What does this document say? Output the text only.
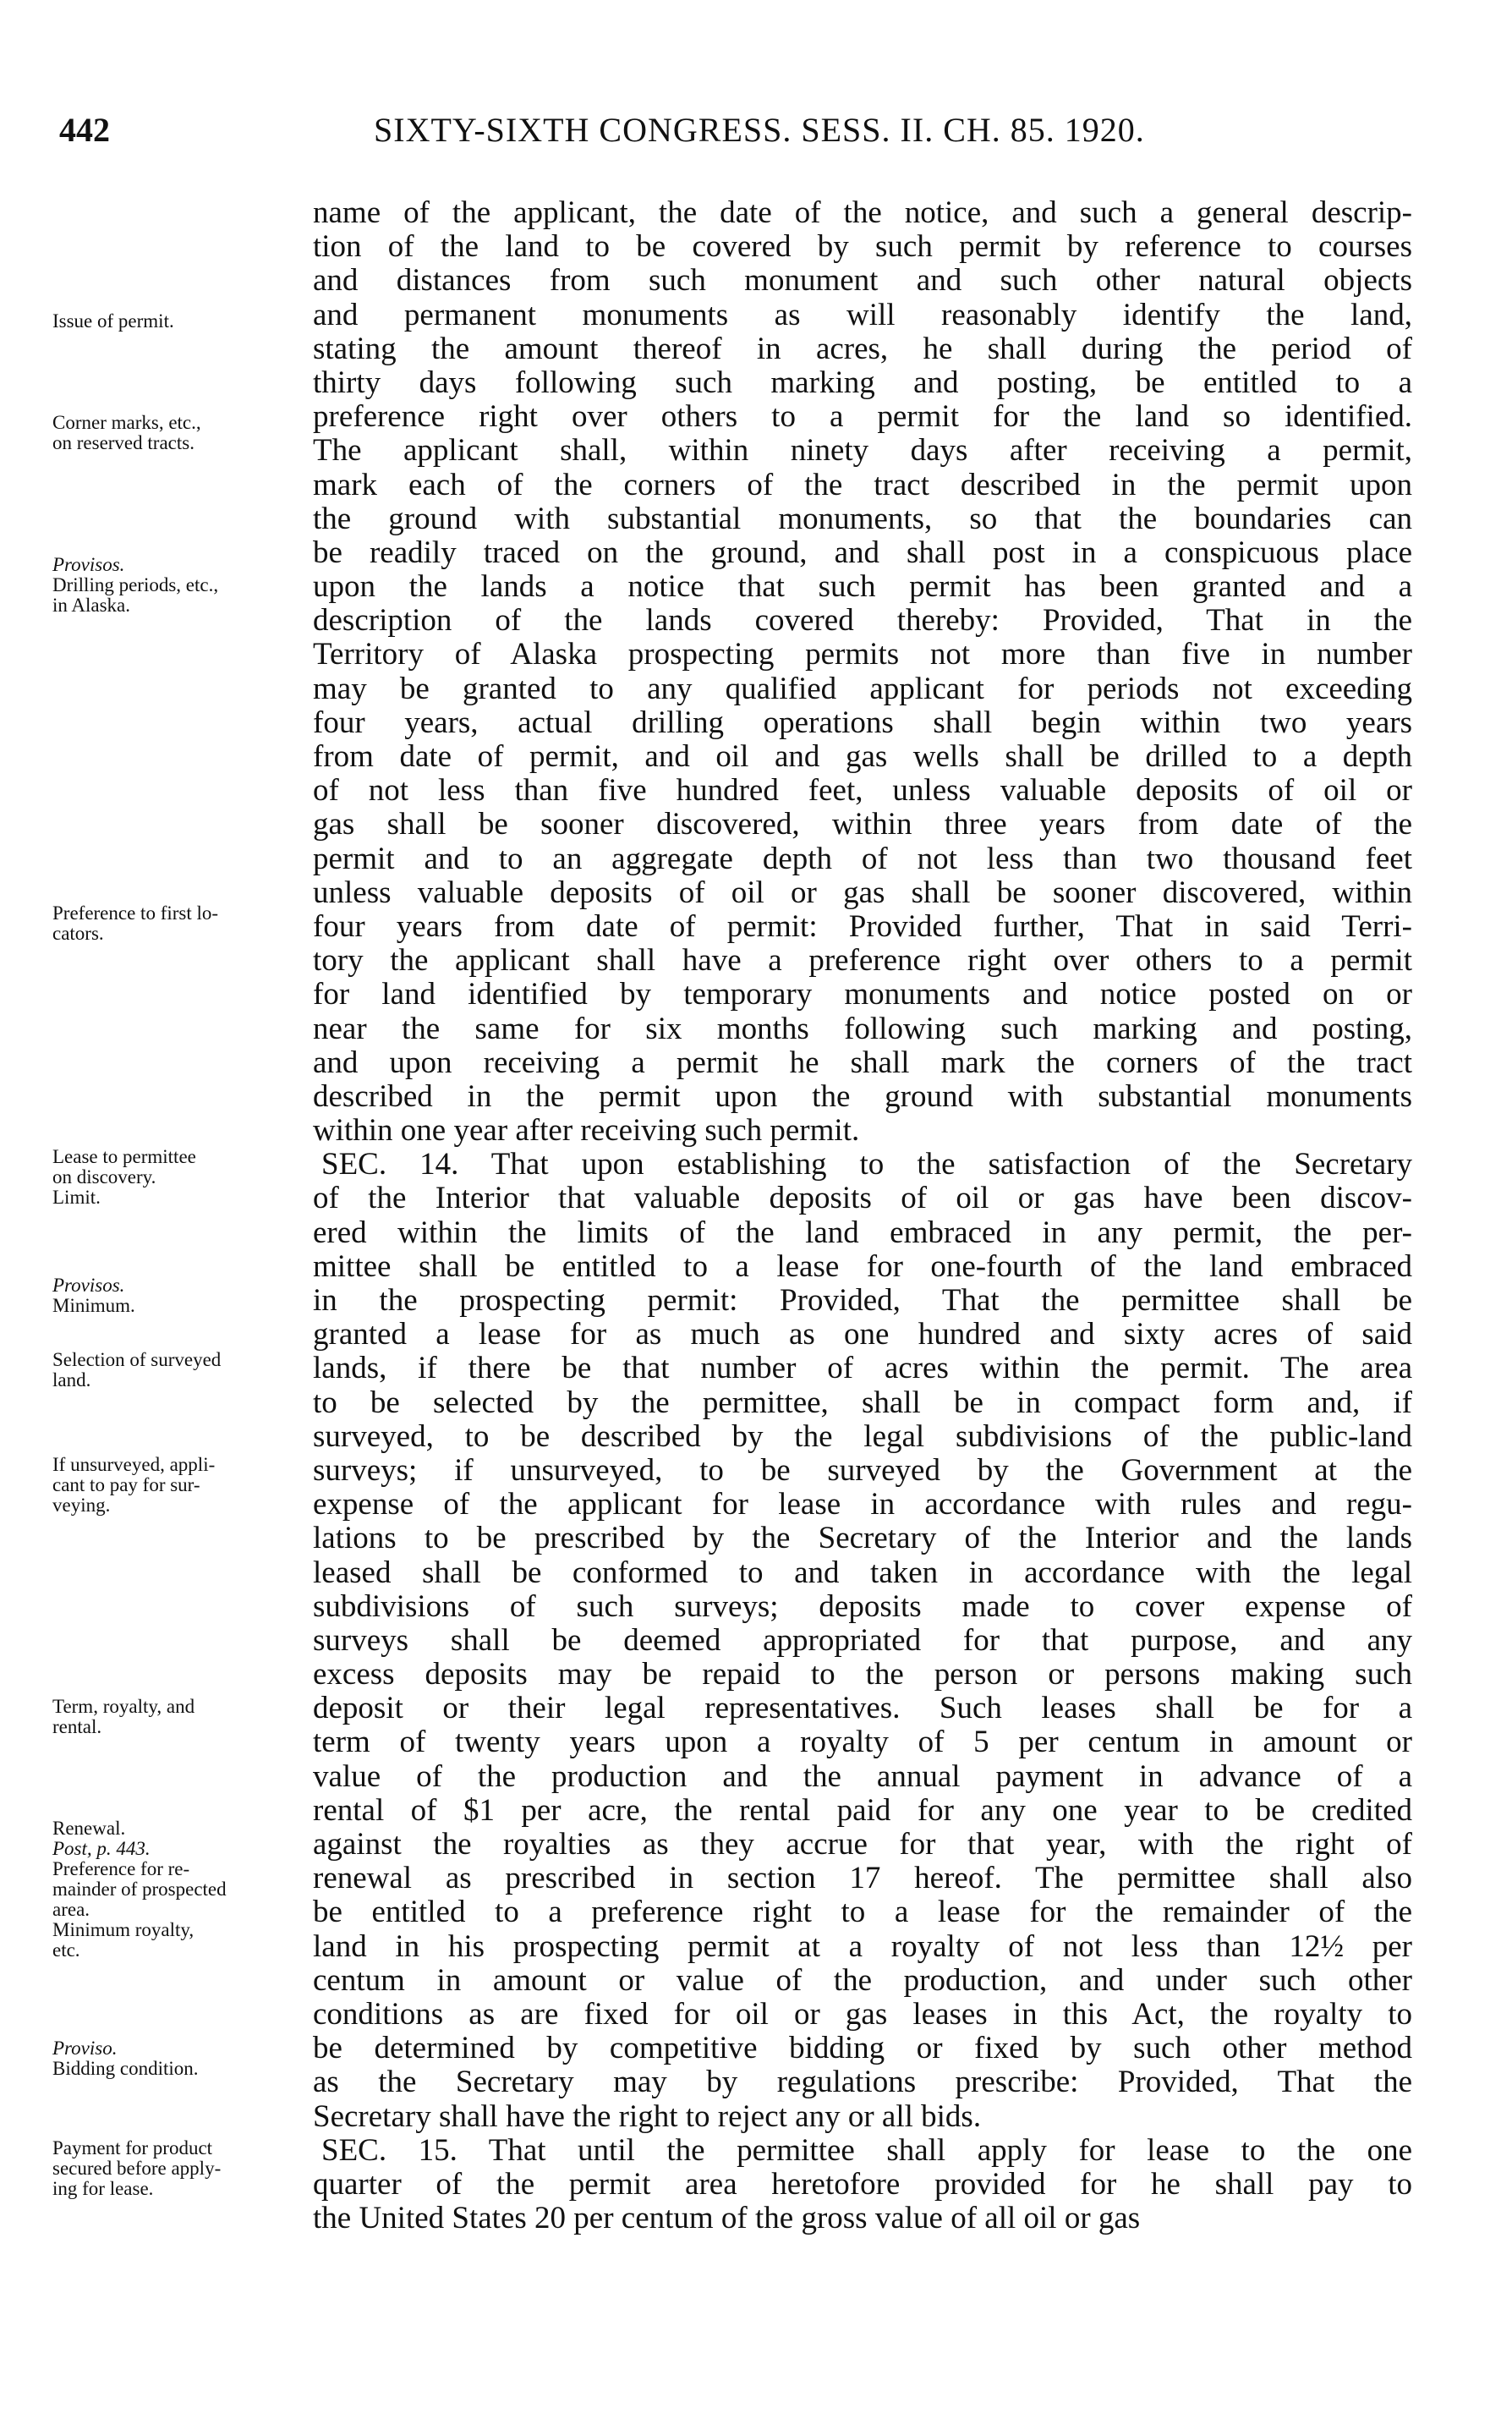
442	SIXTY-SIXTH CONGRESS. SESS. II. CH. 85. 1920.
Issue of permit.
Corner marks, etc.,
on reserved tracts.
Provisos.
Drilling periods, etc.,
in Alaska.
Preference to first lo-
cators.
Lease to permittee
on discovery.
Limit.
Provisos.
Minimum.
Selection of surveyed
land.
If unsurveyed, appli-
cant to pay for sur-
veying.
Term, royalty, and
rental.
Renewal.
Post, p. 443.
Preference for re-
mainder of prospected
area.
Minimum royalty,
etc.
Proviso.
Bidding condition.
Payment for product
secured before apply-
ing for lease.
name of the applicant, the date of the notice, and such a general descrip-
tion of the land to be covered by such permit by reference to courses
and distances from such monument and such other natural objects
and permanent monuments as will reasonably identify the land,
stating the amount thereof in acres, he shall during the period of
thirty days following such marking and posting, be entitled to a
preference right over others to a permit for the land so identified.
The applicant shall, within ninety days after receiving a permit,
mark each of the corners of the tract described in the permit upon
the ground with substantial monuments, so that the boundaries can
be readily traced on the ground, and shall post in a conspicuous place
upon the lands a notice that such permit has been granted and a
description of the lands covered thereby: Provided, That in the
Territory of Alaska prospecting permits not more than five in number
may be granted to any qualified applicant for periods not exceeding
four years, actual drilling operations shall begin within two years
from date of permit, and oil and gas wells shall be drilled to a depth
of not less than five hundred feet, unless valuable deposits of oil or
gas shall be sooner discovered, within three years from date of the
permit and to an aggregate depth of not less than two thousand feet
unless valuable deposits of oil or gas shall be sooner discovered, within
four years from date of permit: Provided further, That in said Terri-
tory the applicant shall have a preference right over others to a permit
for land identified by temporary monuments and notice posted on or
near the same for six months following such marking and posting,
and upon receiving a permit he shall mark the corners of the tract
described in the permit upon the ground with substantial monuments
within one year after receiving such permit.
SEC. 14. That upon establishing to the satisfaction of the Secretary
of the Interior that valuable deposits of oil or gas have been discov-
ered within the limits of the land embraced in any permit, the per-
mittee shall be entitled to a lease for one-fourth of the land embraced
in the prospecting permit: Provided, That the permittee shall be
granted a lease for as much as one hundred and sixty acres of said
lands, if there be that number of acres within the permit. The area
to be selected by the permittee, shall be in compact form and, if
surveyed, to be described by the legal subdivisions of the public-land
surveys; if unsurveyed, to be surveyed by the Government at the
expense of the applicant for lease in accordance with rules and regu-
lations to be prescribed by the Secretary of the Interior and the lands
leased shall be conformed to and taken in accordance with the legal
subdivisions of such surveys; deposits made to cover expense of
surveys shall be deemed appropriated for that purpose, and any
excess deposits may be repaid to the person or persons making such
deposit or their legal representatives. Such leases shall be for a
term of twenty years upon a royalty of 5 per centum in amount or
value of the production and the annual payment in advance of a
rental of $1 per acre, the rental paid for any one year to be credited
against the royalties as they accrue for that year, with the right of
renewal as prescribed in section 17 hereof. The permittee shall also
be entitled to a preference right to a lease for the remainder of the
land in his prospecting permit at a royalty of not less than 12½ per
centum in amount or value of the production, and under such other
conditions as are fixed for oil or gas leases in this Act, the royalty to
be determined by competitive bidding or fixed by such other method
as the Secretary may by regulations prescribe: Provided, That the
Secretary shall have the right to reject any or all bids.
SEC. 15. That until the permittee shall apply for lease to the one
quarter of the permit area heretofore provided for he shall pay to
the United States 20 per centum of the gross value of all oil or gas
